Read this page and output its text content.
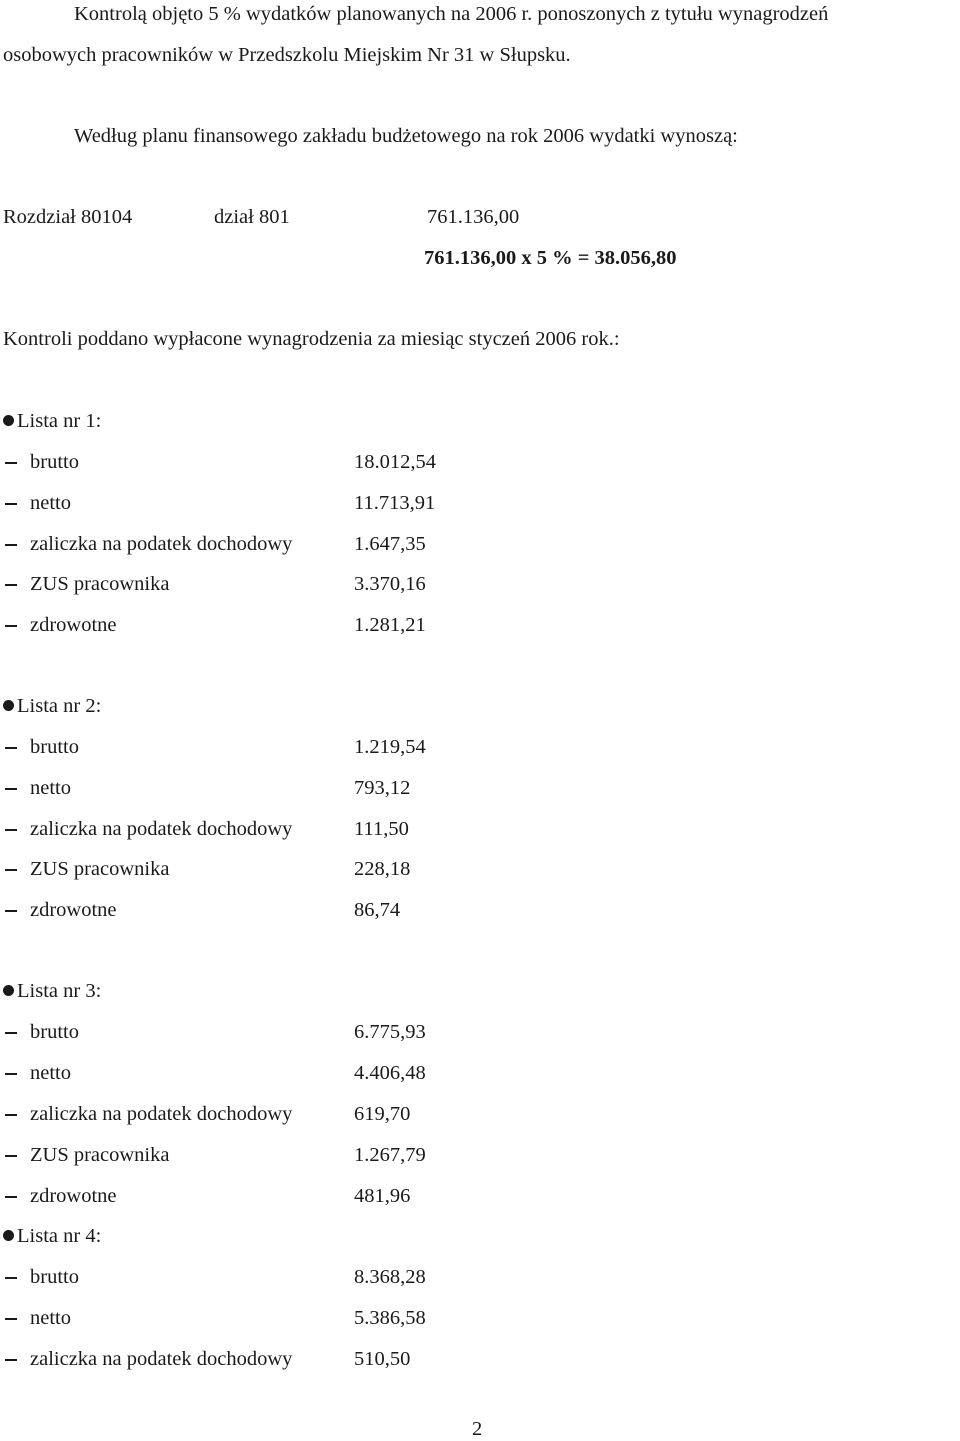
Kontrolą objęto 5 % wydatków planowanych na 2006 r. ponoszonych z tytułu wynagrodzeń
osobowych pracowników w Przedszkolu Miejskim Nr 31 w Słupsku.
Według planu finansowego zakładu budżetowego na rok 2006 wydatki wynoszą:
Rozdział 80104	dział 801	761.136,00
761.136,00 x 5 % = 38.056,80
Kontroli poddano wypłacone wynagrodzenia za miesiąc styczeń 2006 rok.:
Lista nr 1:
brutto	18.012,54
netto	11.713,91
zaliczka na podatek dochodowy	1.647,35
ZUS pracownika	3.370,16
zdrowotne	1.281,21
Lista nr 2:
brutto	1.219,54
netto	793,12
zaliczka na podatek dochodowy	111,50
ZUS pracownika	228,18
zdrowotne	86,74
Lista nr 3:
brutto	6.775,93
netto	4.406,48
zaliczka na podatek dochodowy	619,70
ZUS pracownika	1.267,79
zdrowotne	481,96
Lista nr 4:
brutto	8.368,28
netto	5.386,58
zaliczka na podatek dochodowy	510,50
2
